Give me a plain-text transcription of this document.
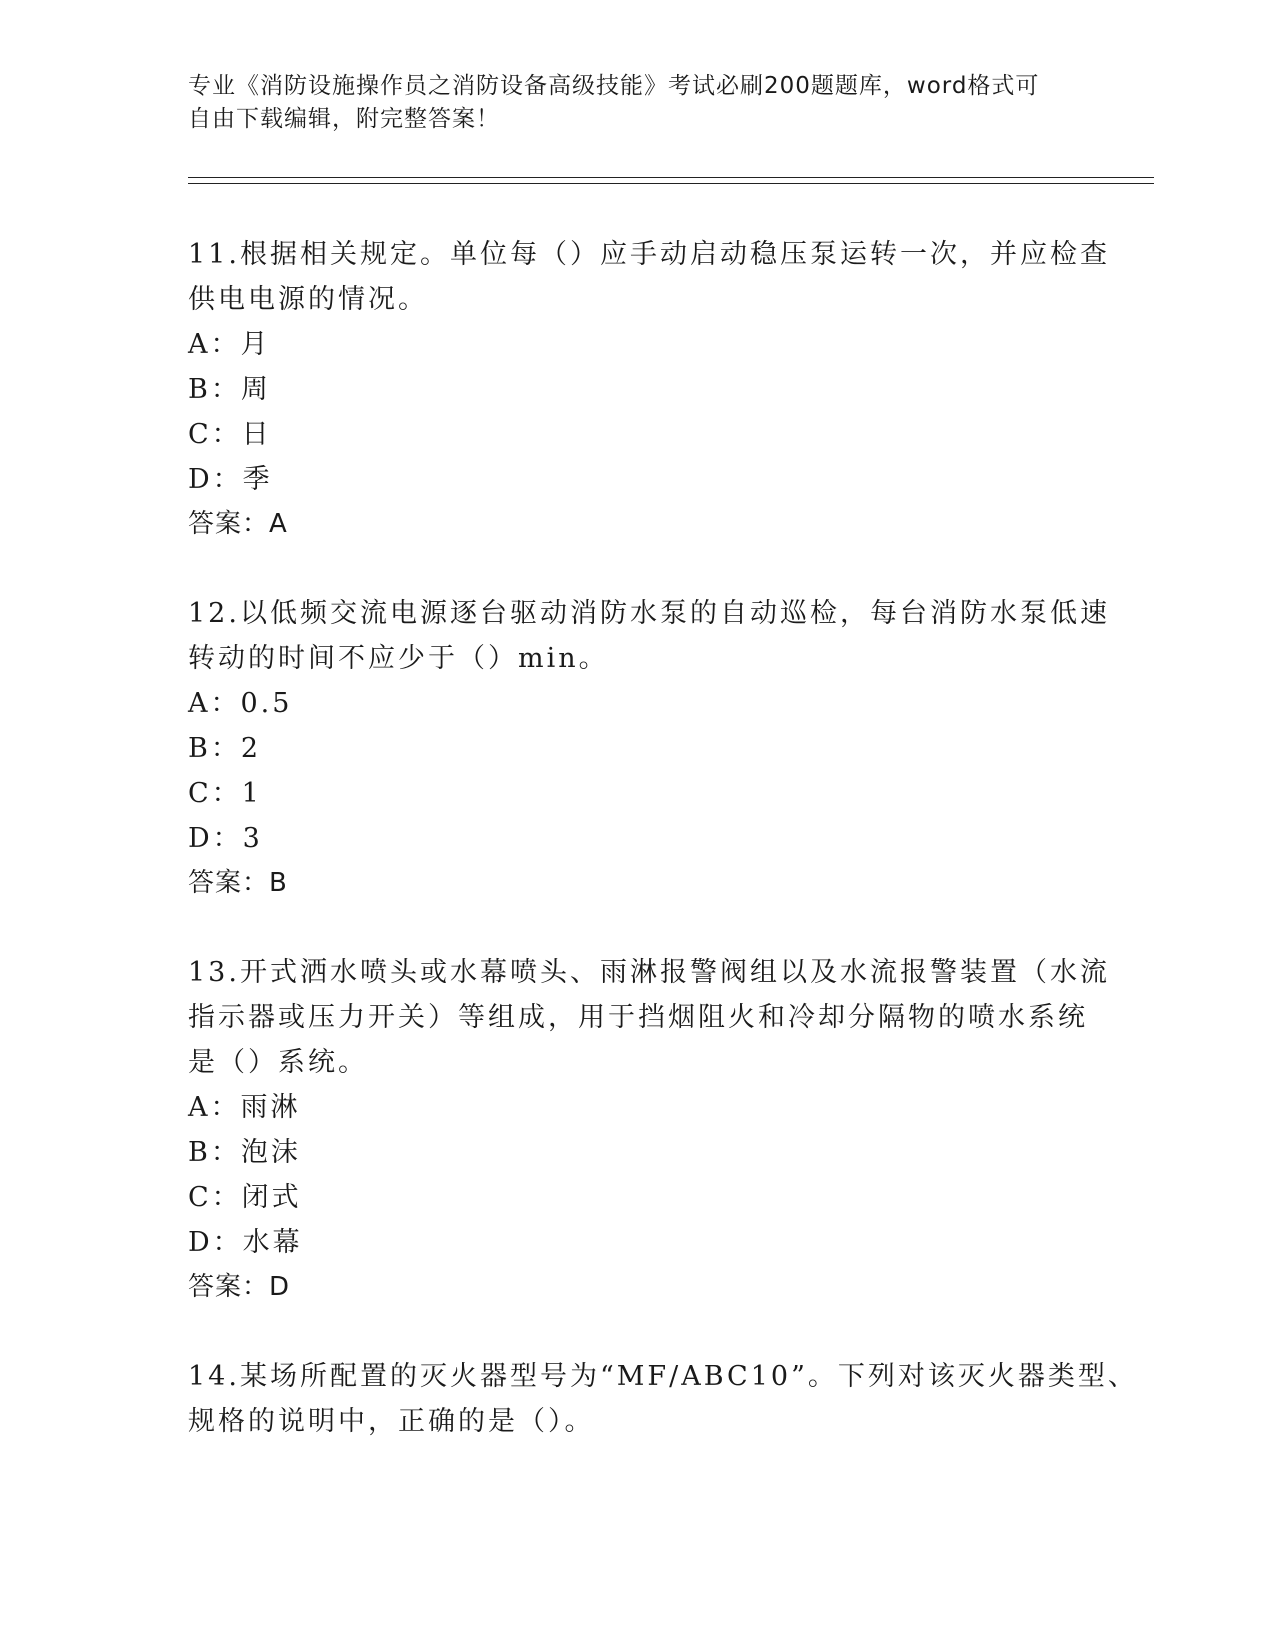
专业《消防设施操作员之消防设备高级技能》考试必刷200题题库，word格式可
自由下载编辑，附完整答案！
11.根据相关规定。单位每（）应手动启动稳压泵运转一次，并应检查
供电电源的情况。
A：月
B：周
C：日
D：季
答案：A
12.以低频交流电源逐台驱动消防水泵的自动巡检，每台消防水泵低速
转动的时间不应少于（）min。
A：0.5
B：2
C：1
D：3
答案：B
13.开式洒水喷头或水幕喷头、雨淋报警阀组以及水流报警装置（水流
指示器或压力开关）等组成，用于挡烟阻火和冷却分隔物的喷水系统
是（）系统。
A：雨淋
B：泡沫
C：闭式
D：水幕
答案：D
14.某场所配置的灭火器型号为“MF/ABC10”。下列对该灭火器类型、
规格的说明中，正确的是（）。
